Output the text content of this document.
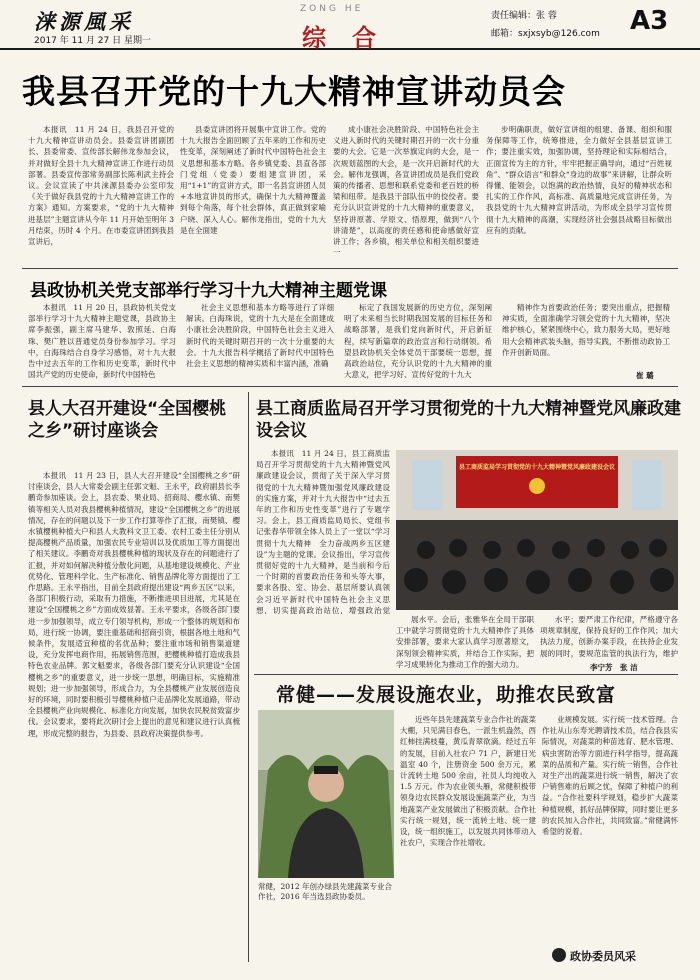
涞源風采
2017 年 11 月 27 日 星期一
ZONG HE
综合
责任编辑：张 蓉
邮箱：sxjxsyb@126.com A3
我县召开党的十九大精神宣讲动员会

本报讯　11 月 24 日，我县召开党的十九大精神宣讲动员会。县委宣讲团副团长、县委常委、宣传部长解伟龙参加会议，并对做好全县十九大精神宣讲工作进行动员部署。县委宣传部常务副部长陈利武主持会议。会议宣读了中共涞源县委办公室印发《关于做好我县党的十九大精神宣讲工作的方案》通知。方案要求，“党的十九大精神进基层”主题宣讲从今年 11 月开始至明年 3 月结束，历时 4 个月。在市委宣讲团到我县宣讲后，

县委宣讲团将开展集中宣讲工作。党的十九大报告全面回顾了五年来的工作和历史性变革，深刻阐述了新时代中国特色社会主义思想和基本方略。各乡镇党委、县直各部门党组（党委）要组建宣讲团，采用“1+1”的宣讲方式，即一名县宣讲团人员+本地宣讲员的形式，确保十九大精神覆盖到每个角落，每个社会群体，真正做到家喻户晓、深入人心。解伟龙指出，党的十九大是在全面建

成小康社会决胜阶段、中国特色社会主义进入新时代的关键时期召开的一次十分重要的大会。它是一次举旗定向的大会，是一次规划蓝图的大会，是一次开启新时代的大会。解伟龙强调，各宣讲团成员是我们党政策的传播者、思想和联系党委和老百姓的桥梁和纽带。是我县干部队伍中的佼佼者。要充分认识宣讲党的十九大精神的重要意义，坚持讲原著、学原文、悟原理，做到“八个讲清楚”，以高度的责任感和使命感做好宣讲工作；各乡镇，相关单位和相关组织要进一

步明确职责，做好宣讲组的组建、备课、组织和服务保障等工作，统筹推进，全力做好全县基层宣讲工作；要注重实效，加强协调，坚持理论和实际相结合，正面宣传为主的方针，牢牢把握正确导向，通过“百姓视角”、“群众语言”和群众“身边的故事”来讲解，让群众听得懂、能领会，以饱满的政治热情，良好的精神状态和扎实的工作作风，高标准、高质量地完成宣讲任务，为我县党的十九大精神宣讲活动，为形成全县学习宣传贯彻十九大精神的高潮，实现经济社会强县战略目标做出应有的贡献。

县政协机关党支部举行学习十九大精神主题党课

本报讯　11 月 20 日，县政协机关党支部举行学习十九大精神主题党课，县政协主席李振强，副主席马建华、敦照延、白海珠、樊广胜以普通党员身份参加学习。学习中，白海珠结合自身学习感悟，对十九大报告中过去五年的工作和历史变革，新时代中国共产党的历史使命，新时代中国特色

社会主义思想和基本方略等进行了详细解读。白海珠说，党的十九大是在全面建成小康社会决胜阶段，中国特色社会主义进入新时代的关键时期召开的一次十分重要的大会。十九大报告科学概括了新时代中国特色社会主义思想的精神实质和丰富内涵，准确

标定了我国发展新的历史方位，深刻阐明了未来相当长时期我国发展的目标任务和战略部署，是我们党向新时代，开启新征程，续写新篇章的政治宣言和行动纲领。希望县政协机关全体党员干部要统一思想，提高政治站位，充分认识党的十九大精神的重大意义，把学习好、宣传好党的十九大

精神作为首要政治任务；要突出重点，把握精神实质，全面准确学习领会党的十九大精神，坚决维护核心，紧紧围绕中心，致力服务大局，更好地用大会精神武装头脑，指导实践，不断推动政协工作开创新局面。

崔 璐
县人大召开建设“全国樱桃之乡”研讨座谈会

本报讯　11 月 23 日，县人大召开建设“全国樱桃之乡”研讨座谈会，县人大常委会副主任郭文魁、王永平，政府副县长李鹏奇参加座谈。会上，县农委、果业局、招商局、樱水镇、南樊镇等相关人员对我县樱桃种植情况，建设“全国樱桃之乡”的进展情况，存在的问题以及下一步工作打算等作了汇报，南樊镇、樱水镇樱桃种植大户和县人大教科文卫工委、农村工委主任分别从提高樱桃产品质量，加强农民专业培训以及优质加工等方面提出了相关建议。李鹏奇对我县樱桃种植的现状及存在的问题进行了汇报，并对如何解决种植分散化问题，从基地建设规模化、产业优势化、管理科学化、生产标准化、销售品牌化等方面提出了工作思路。王永平指出，目前全县政府提出建设“两乡五区”以来，各部门积极行动，采取有力措施，不断推进项目进展，尤其是在建设“全国樱桃之乡”方面成效显著。王永平要求，各级各部门要进一步加强领导，成立专门领导机构，形成一个整体的规划和布局，进行统一协调，要注重基础和招商引资，根据各地土地和气候条件，发展适宜种植的名优品种；要注重市场和销售渠道建设，充分发挥电商作用，拓展销售范围，把樱桃种植打造成我县特色农业品牌。郭文魁要求，各级各部门要充分认识建设“全国樱桃之乡”的重要意义，进一步统一思想，明确目标，实施精准规划；进一步加强领导，形成合力，为全县樱桃产业发展创造良好的环境，同时要积极引导樱桃种植户走品牌化发展道路，带动全县樱桃产业向规模化、标准化方向发展，加快农民脱贫致富步伐。会议要求，要将此次研讨会上提出的意见和建议进行认真梳理，形成完整的报告，为县委、县政府决策提供参考。

县工商质监局召开学习贯彻党的十九大精神暨党风廉政建设会议

本报讯　11 月 24 日，县工商质监局召开学习贯彻党的十九大精神暨党风廉政建设会议，贯彻了关于深入学习贯彻党的十九大精神暨加强党风廉政建设的实施方案，并对十九大报告中“过去五年的工作和历史性变革”进行了专题学习。会上，县工商质监局局长、党组书记张春华带领全体人员上了一堂以“学习贯彻十九大精神　全力奋战两乡五区建设”为主题的党课。会议指出，学习宣传贯彻好党的十九大精神，是当前和今后一个时期的首要政治任务和头等大事，要求各股、室、协会、基层所要认真领会习近平新时代中国特色社会主义思想，切实提高政治站位，增强政治觉

县工商质监局学习贯彻党的十九大精神暨党风廉政建设会议

展水平。会后，张雅华在全局干部职工中就学习贯彻党的十九大精神作了具体安排部署，要求大家认真学习原著原文，深刻领会精神实质，并结合工作实际，把学习成果转化为推动工作的强大动力。

水平；要严肃工作纪律，严格遵守各项规章制度，保持良好的工作作风；加大执法力度，创新办案手段，在扶持企业发展的同时，要规范监管的执法行为，维护

李宁芳　张 洁
常健——发展设施农业，助推农民致富
常健，2012 年创办绿县先建蔬菜专业合作社，2016 年当选县政协委员。

近些年县先建蔬菜专业合作社的蔬菜大棚，只见满目春色，一派生机盎然，西红柿挂满枝蔓，黄瓜青翠欲滴。经过五年的发展，目前入社农户 71 户，新建日光温室 40 个，注册资金 500 余万元，累计流转土地 500 余亩，社员人均纯收入 1.5 万元。作为农业领头雁，常健积极带领身边农民群众发展设施蔬菜产业，为当地蔬菜产业发展做出了积极贡献。合作社实行统一规划，统一流转土地、统一建设，统一组织施工，以发展共同体带动入社农户，实现合作社增收。

业规模发展。实行统一技术管理。合作社从山东寿光聘请技术员，结合我县实际情况，对蔬菜的种苗选育、肥水管理、病虫害防治等方面进行科学指导，提高蔬菜的品质和产量。实行统一销售，合作社对生产出的蔬菜进行统一销售，解决了农户销售难的后顾之忧，保障了种植户的利益。“合作社要科学规划，稳步扩大蔬菜种植规模，抓好品牌保障，同时要让更多的农民加入合作社，共同致富。”常健满怀希望的说着。

政协委员风采
